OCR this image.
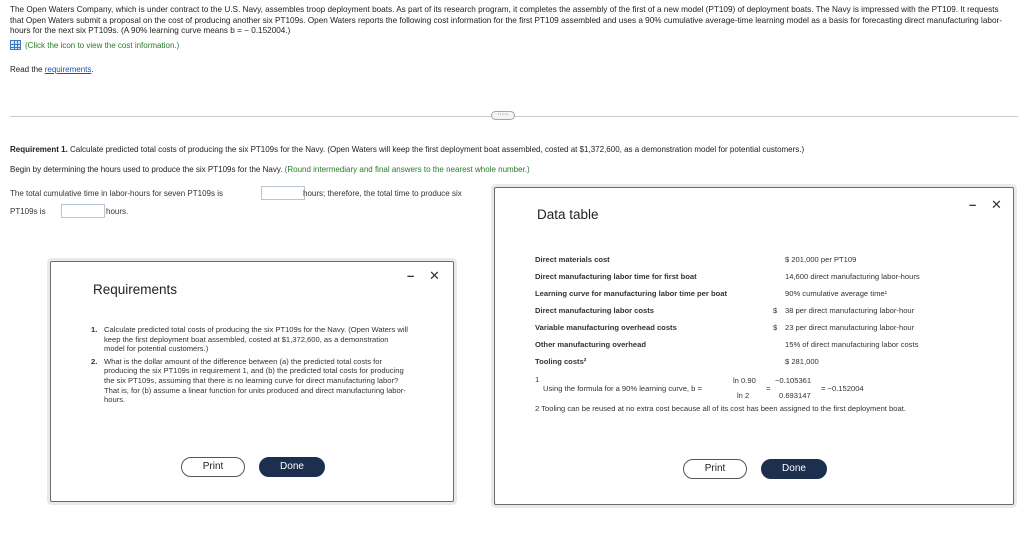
The Open Waters Company, which is under contract to the U.S. Navy, assembles troop deployment boats. As part of its research program, it completes the assembly of the first of a new model (PT109) of deployment boats. The Navy is impressed with the PT109. It requests that Open Waters submit a proposal on the cost of producing another six PT109s. Open Waters reports the following cost information for the first PT109 assembled and uses a 90% cumulative average-time learning model as a basis for forecasting direct manufacturing labor-hours for the next six PT109s. (A 90% learning curve means b = − 0.152004.)
(Click the icon to view the cost information.)
Read the requirements.
·····
Requirement 1. Calculate predicted total costs of producing the six PT109s for the Navy. (Open Waters will keep the first deployment boat assembled, costed at $1,372,600, as a demonstration model for potential customers.)
Begin by determining the hours used to produce the six PT109s for the Navy. (Round intermediary and final answers to the nearest whole number.)
The total cumulative time in labor-hours for seven PT109s is	hours; therefore, the total time to produce six
PT109s is	hours.
Requirements
– ✕
1. Calculate predicted total costs of producing the six PT109s for the Navy. (Open Waters will keep the first deployment boat assembled, costed at $1,372,600, as a demonstration model for potential customers.)
2. What is the dollar amount of the difference between (a) the predicted total costs for producing the six PT109s in requirement 1, and (b) the predicted total costs for producing the six PT109s, assuming that there is no learning curve for direct manufacturing labor? That is, for (b) assume a linear function for units produced and direct manufacturing labor-hours.
Print	Done
Data table
– ✕
Direct materials cost	$ 201,000 per PT109
Direct manufacturing labor time for first boat	14,600 direct manufacturing labor-hours
Learning curve for manufacturing labor time per boat	90% cumulative average time¹
Direct manufacturing labor costs	$ 38 per direct manufacturing labor-hour
Variable manufacturing overhead costs	$ 23 per direct manufacturing labor-hour
Other manufacturing overhead	15% of direct manufacturing labor costs
Tooling costs²	$ 281,000
1
Using the formula for a 90% learning curve, b =
ln 0.90
ln 2
=
−0.105361
0.693147
= −0.152004
2 Tooling can be reused at no extra cost because all of its cost has been assigned to the first deployment boat.
Print	Done
